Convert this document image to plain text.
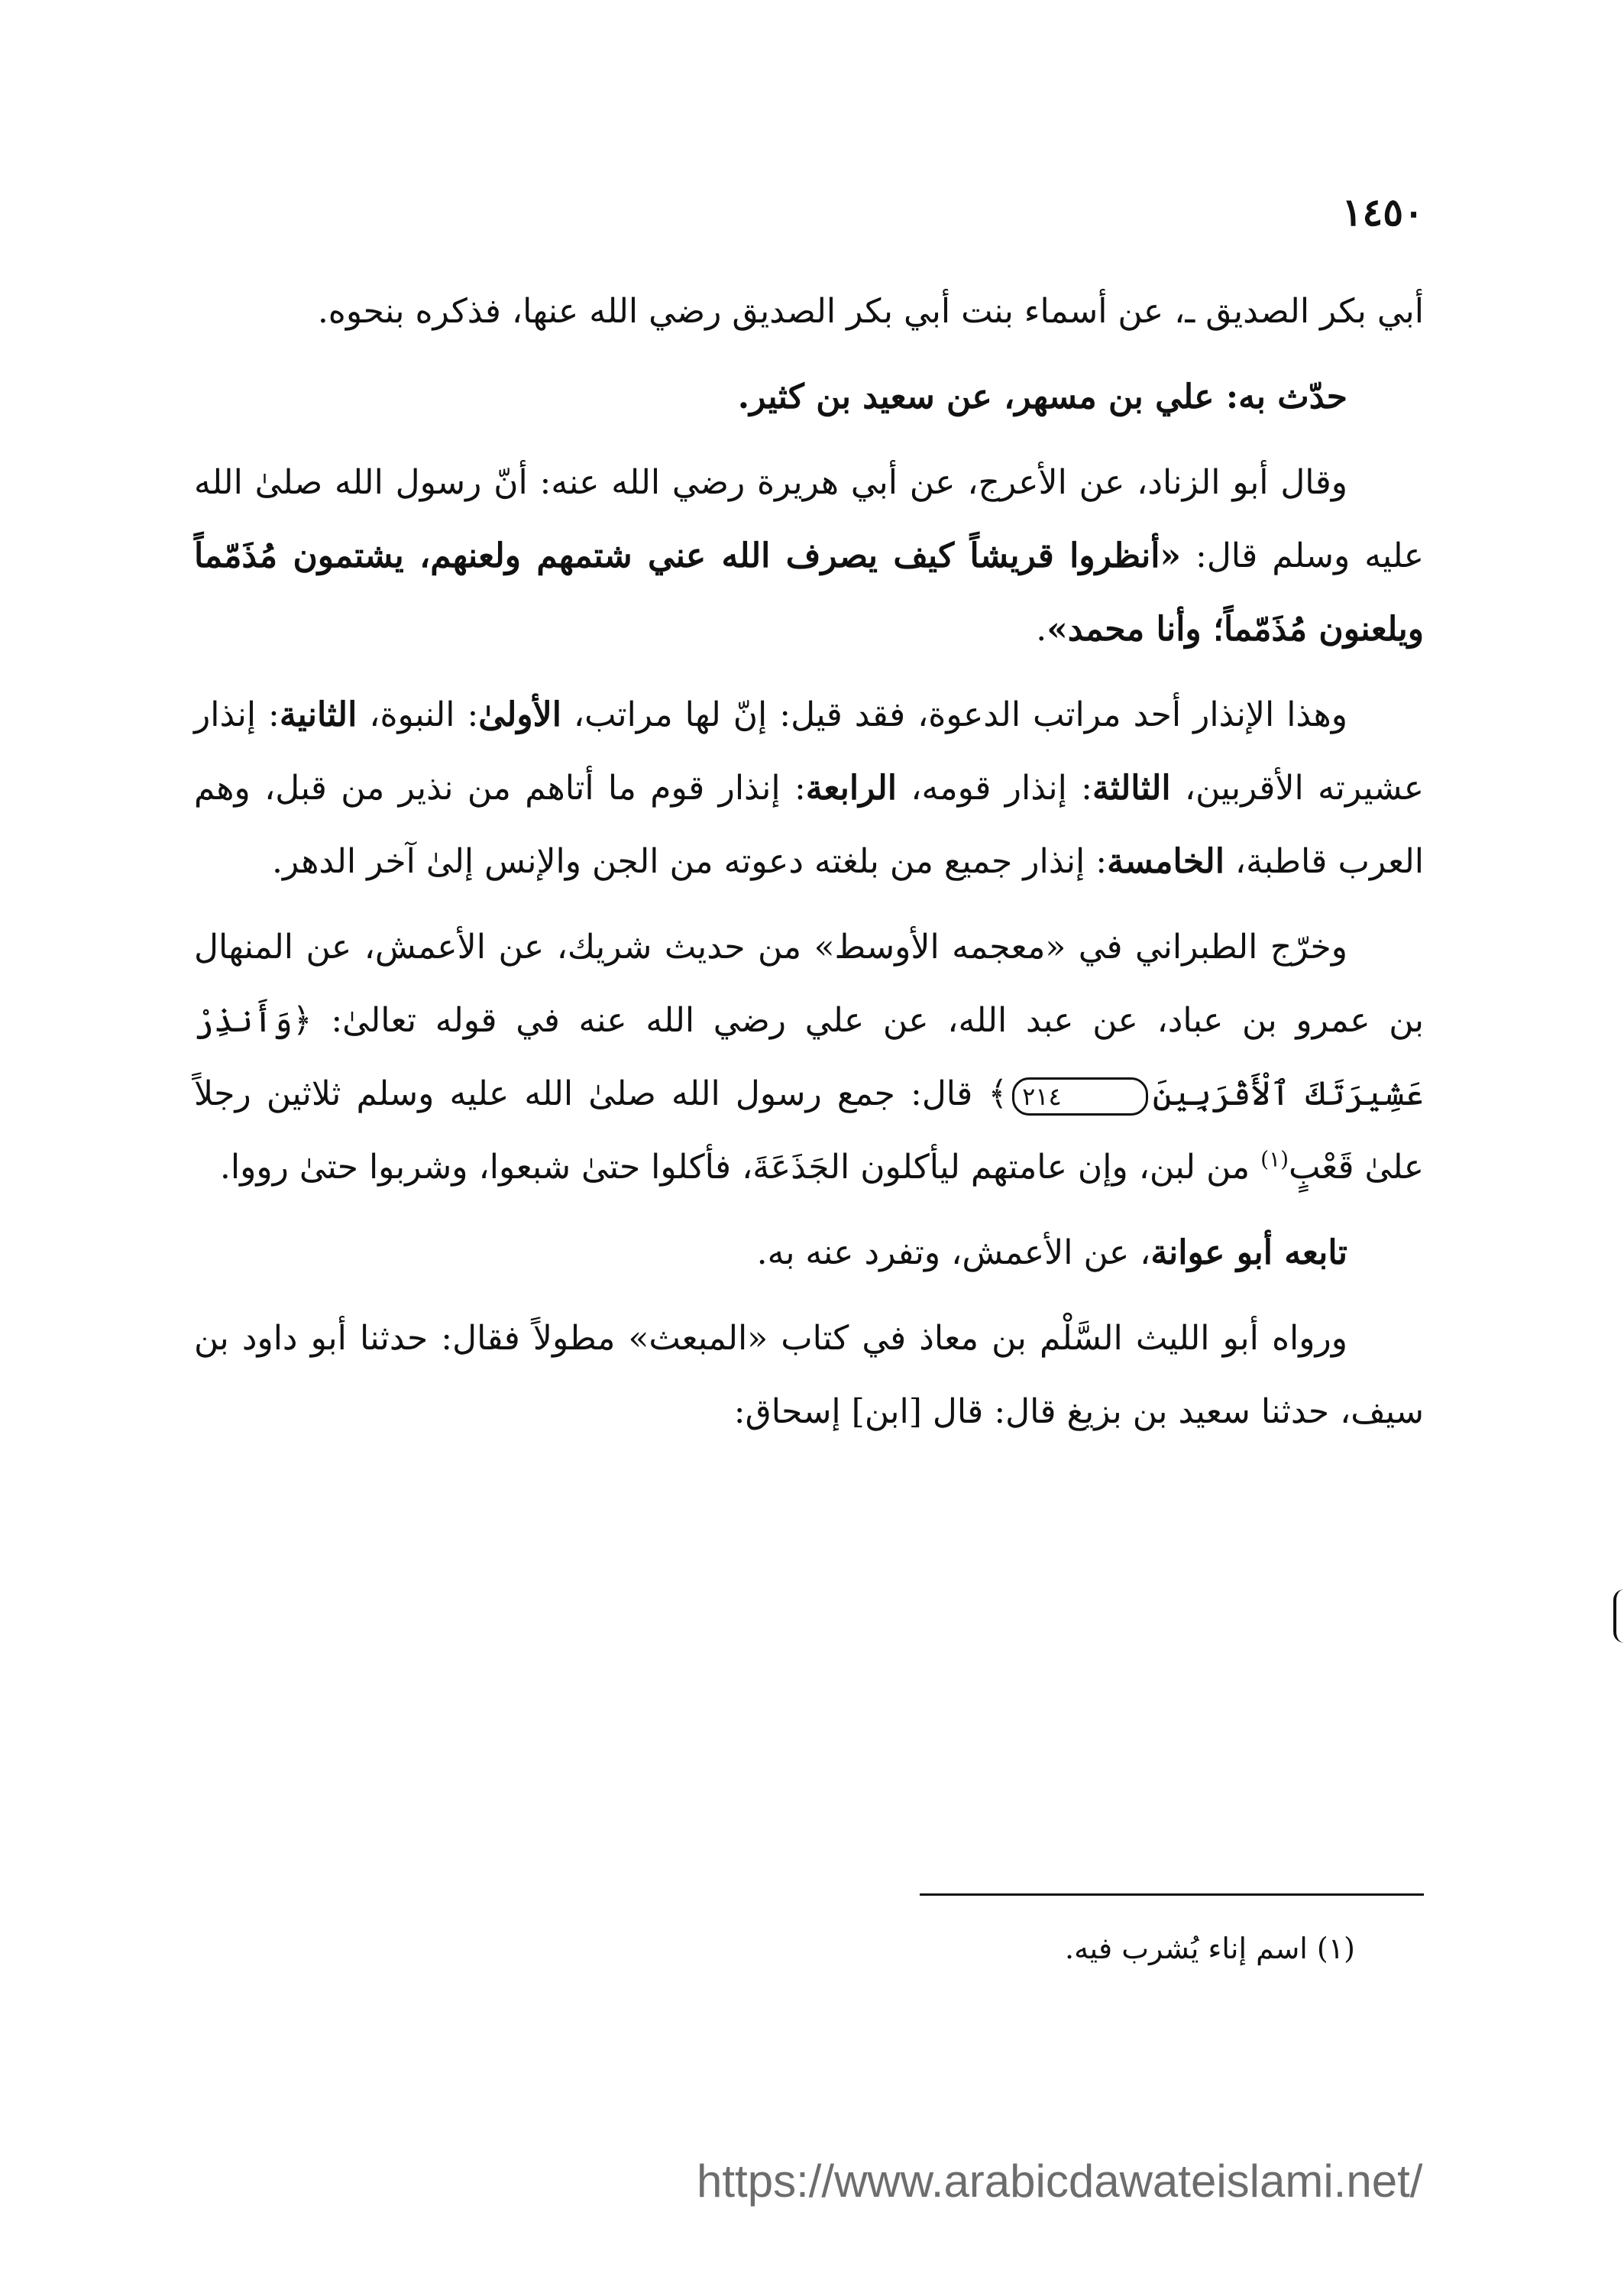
١٤٥٠

أبي بكر الصديق ـ، عن أسماء بنت أبي بكر الصديق رضي الله عنها، فذكره بنحوه.

حدّث به: علي بن مسهر، عن سعيد بن كثير.

وقال أبو الزناد، عن الأعرج، عن أبي هريرة رضي الله عنه: أنّ رسول الله صلىٰ الله عليه وسلم قال: «أنظروا قريشاً كيف يصرف الله عني شتمهم ولعنهم، يشتمون مُذَمّماً ويلعنون مُذَمّماً؛ وأنا محمد».

وهذا الإنذار أحد مراتب الدعوة، فقد قيل: إنّ لها مراتب، الأولىٰ: النبوة، الثانية: إنذار عشيرته الأقربين، الثالثة: إنذار قومه، الرابعة: إنذار قوم ما أتاهم من نذير من قبل، وهم العرب قاطبة، الخامسة: إنذار جميع من بلغته دعوته من الجن والإنس إلىٰ آخر الدهر.

وخرّج الطبراني في «معجمه الأوسط» من حديث شريك، عن الأعمش، عن المنهال بن عمرو بن عباد، عن عبد الله، عن علي رضي الله عنه في قوله تعالىٰ: ﴿وَأَنذِرْ عَشِيرَتَكَ ٱلْأَقْرَبِينَ٢١٤﴾ قال: جمع رسول الله صلىٰ الله عليه وسلم ثلاثين رجلاً علىٰ قَعْبٍ$^{(١)}$ من لبن، وإن عامتهم ليأكلون الجَذَعَةَ، فأكلوا حتىٰ شبعوا، وشربوا حتىٰ رووا.

تابعه أبو عوانة، عن الأعمش، وتفرد عنه به.

ورواه أبو الليث السَّلْم بن معاذ في كتاب «المبعث» مطولاً فقال: حدثنا أبو داود بن سيف، حدثنا سعيد بن بزيغ قال: قال [ابن] إسحاق:

(١) اسم إناء يُشرب فيه.
https://www.arabicdawateislami.net/
